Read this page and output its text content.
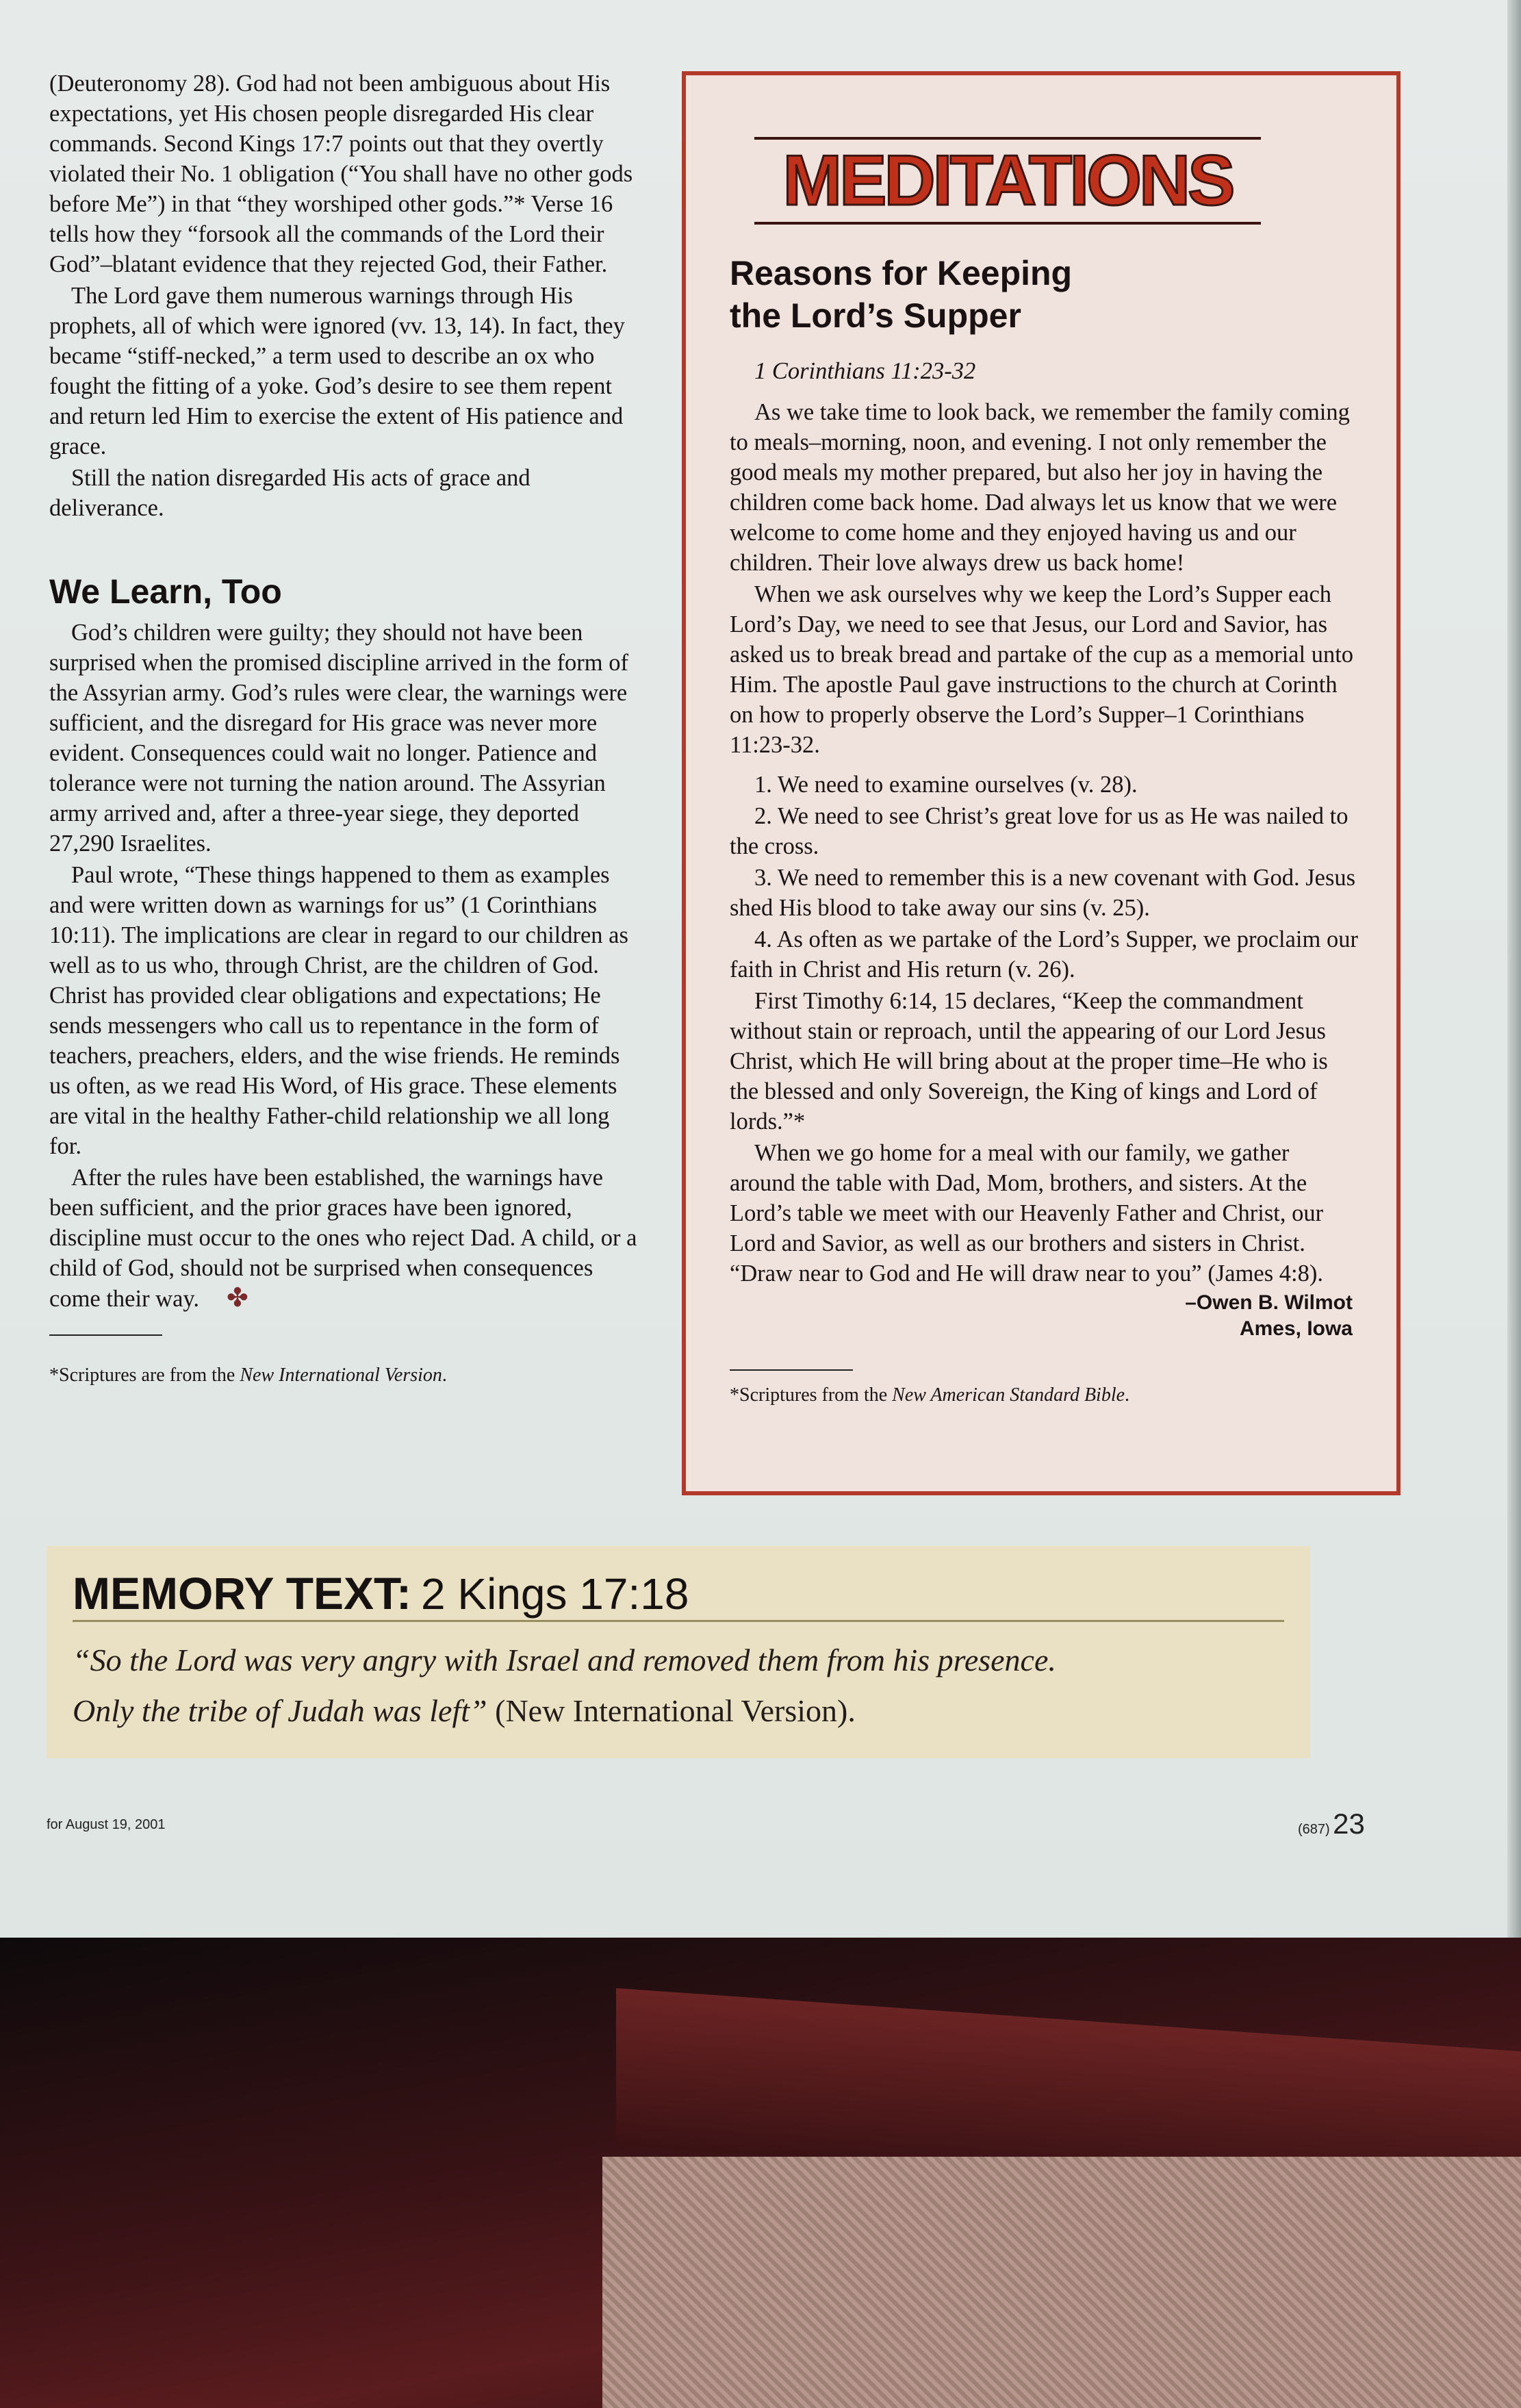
(Deuteronomy 28). God had not been ambiguous about His expectations, yet His chosen people disregarded His clear commands. Second Kings 17:7 points out that they overtly violated their No. 1 obligation (“You shall have no other gods before Me”) in that “they worshiped other gods.”* Verse 16 tells how they “forsook all the commands of the Lord their God”–blatant evidence that they rejected God, their Father.

The Lord gave them numerous warnings through His prophets, all of which were ignored (vv. 13, 14). In fact, they became “stiff-necked,” a term used to describe an ox who fought the fitting of a yoke. God’s desire to see them repent and return led Him to exercise the extent of His patience and grace.

Still the nation disregarded His acts of grace and deliverance.

We Learn, Too

God’s children were guilty; they should not have been surprised when the promised discipline arrived in the form of the Assyrian army. God’s rules were clear, the warnings were sufficient, and the disregard for His grace was never more evident. Consequences could wait no longer. Patience and tolerance were not turning the nation around. The Assyrian army arrived and, after a three-year siege, they deported 27,290 Israelites.

Paul wrote, “These things happened to them as examples and were written down as warnings for us” (1 Corinthians 10:11). The implications are clear in regard to our children as well as to us who, through Christ, are the children of God. Christ has provided clear obligations and expectations; He sends messengers who call us to repentance in the form of teachers, preachers, elders, and the wise friends. He reminds us often, as we read His Word, of His grace. These elements are vital in the healthy Father-child relationship we all long for.

After the rules have been established, the warnings have been sufficient, and the prior graces have been ignored, discipline must occur to the ones who reject Dad. A child, or a child of God, should not be surprised when consequences come their way. ✤

*Scriptures are from the New International Version.

MEDITATIONS
Reasons for Keeping
the Lord’s Supper

1 Corinthians 11:23-32

As we take time to look back, we remember the family coming to meals–morning, noon, and evening. I not only remember the good meals my mother prepared, but also her joy in having the children come back home. Dad always let us know that we were welcome to come home and they enjoyed having us and our children. Their love always drew us back home!

When we ask ourselves why we keep the Lord’s Supper each Lord’s Day, we need to see that Jesus, our Lord and Savior, has asked us to break bread and partake of the cup as a memorial unto Him. The apostle Paul gave instructions to the church at Corinth on how to properly observe the Lord’s Supper–1 Corinthians 11:23-32.

1. We need to examine ourselves (v. 28).

2. We need to see Christ’s great love for us as He was nailed to the cross.

3. We need to remember this is a new covenant with God. Jesus shed His blood to take away our sins (v. 25).

4. As often as we partake of the Lord’s Supper, we proclaim our faith in Christ and His return (v. 26).

First Timothy 6:14, 15 declares, “Keep the commandment without stain or reproach, until the appearing of our Lord Jesus Christ, which He will bring about at the proper time–He who is the blessed and only Sovereign, the King of kings and Lord of lords.”*

When we go home for a meal with our family, we gather around the table with Dad, Mom, brothers, and sisters. At the Lord’s table we meet with our Heavenly Father and Christ, our Lord and Savior, as well as our brothers and sisters in Christ. “Draw near to God and He will draw near to you” (James 4:8).

–Owen B. Wilmot
Ames, Iowa

*Scriptures from the New American Standard Bible.

MEMORY TEXT: 2 Kings 17:18
“So the Lord was very angry with Israel and removed them from his presence.
Only the tribe of Judah was left” (New International Version).
for August 19, 2001	(687) 23
